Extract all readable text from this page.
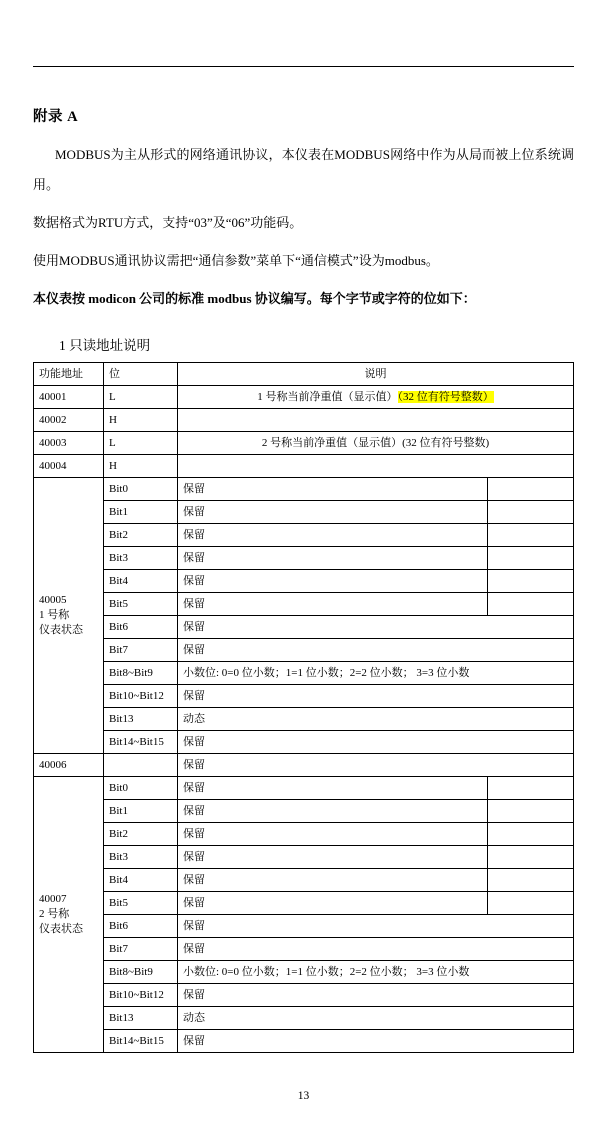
附录 A
MODBUS为主从形式的网络通讯协议，本仪表在MODBUS网络中作为从局而被上位系统调用。
数据格式为RTU方式，支持“03”及“06”功能码。
使用MODBUS通讯协议需把“通信参数”菜单下“通信模式”设为modbus。
本仪表按 modicon 公司的标准 modbus 协议编写。每个字节或字符的位如下：
1 只读地址说明
功能地址	位	说明	
40001	L	1 号称当前净重值（显示值）（32 位有符号整数）	
40002	H		
40003	L	2 号称当前净重值（显示值）(32 位有符号整数)	
40004	H		

40005
1 号称
仪表状态	Bit0	保留	
	Bit1	保留	
	Bit2	保留	
	Bit3	保留	
	Bit4	保留	
	Bit5	保留	
	Bit6	保留	
	Bit7	保留	
	Bit8~Bit9	小数位: 0=0 位小数；1=1 位小数；2=2 位小数； 3=3 位小数	
	Bit10~Bit12	保留	
	Bit13	动态	
	Bit14~Bit15	保留	
40006		保留	

40007
2 号称
仪表状态	Bit0	保留	
	Bit1	保留	
	Bit2	保留	
	Bit3	保留	
	Bit4	保留	
	Bit5	保留	
	Bit6	保留	
	Bit7	保留	
	Bit8~Bit9	小数位: 0=0 位小数；1=1 位小数；2=2 位小数； 3=3 位小数	
	Bit10~Bit12	保留	
	Bit13	动态	
	Bit14~Bit15	保留	
13
